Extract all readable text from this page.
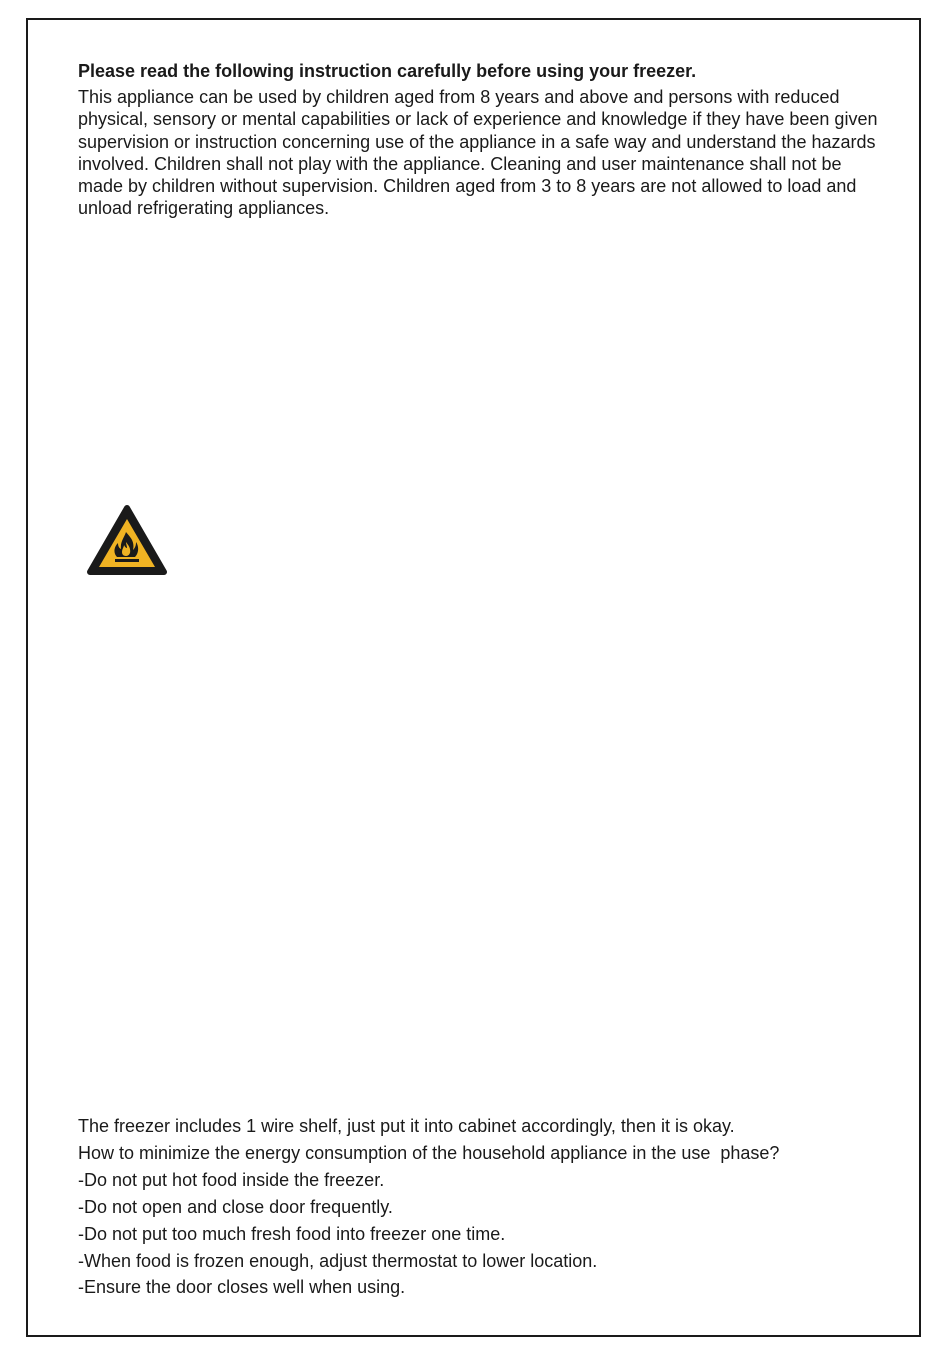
Please read the following instruction carefully before using your freezer.

This appliance can be used by children aged from 8 years and above and persons with reduced physical, sensory or mental capabilities or lack of experience and knowledge if they have been given supervision or instruction concerning use of the appliance in a safe way and understand the hazards involved. Children shall not play with the appliance. Cleaning and user maintenance shall not be made by children without supervision. Children aged from 3 to 8 years are not allowed to load and unload refrigerating appliances.

The freezer includes 1 wire shelf, just put it into cabinet accordingly, then it is okay.

How to minimize the energy consumption of the household appliance in the use  phase?

-Do not put hot food inside the freezer.

-Do not open and close door frequently.

-Do not put too much fresh food into freezer one time.

-When food is frozen enough, adjust thermostat to lower location.

-Ensure the door closes well when using.
